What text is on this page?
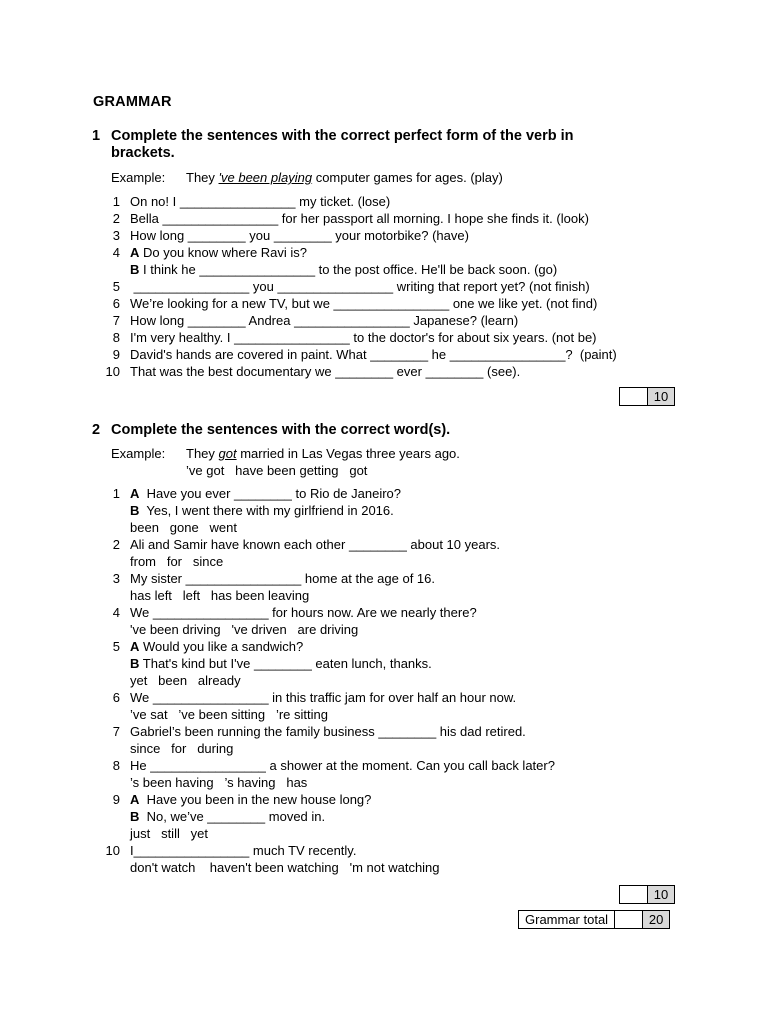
GRAMMAR
1 Complete the sentences with the correct perfect form of the verb in brackets.
Example: They 've been playing computer games for ages. (play)
1 On no! I ________________ my ticket. (lose)
2 Bella ________________ for her passport all morning. I hope she finds it. (look)
3 How long ________ you ________ your motorbike? (have)
4 A Do you know where Ravi is?
B I think he ________________ to the post office. He'll be back soon. (go)
5 ________________ you ________________ writing that report yet? (not finish)
6 We’re looking for a new TV, but we ________________ one we like yet. (not find)
7 How long ________ Andrea ________________ Japanese? (learn)
8 I'm very healthy. I ________________ to the doctor's for about six years. (not be)
9 David's hands are covered in paint. What ________ he ________________?  (paint)
10 That was the best documentary we ________ ever ________ (see).
10
2 Complete the sentences with the correct word(s).
Example: They got married in Las Vegas three years ago.
’ve got   have been getting   got
1 A  Have you ever ________ to Rio de Janeiro?
B  Yes, I went there with my girlfriend in 2016.
been   gone   went
2 Ali and Samir have known each other ________ about 10 years.
from   for   since
3 My sister ________________ home at the age of 16.
has left   left   has been leaving
4 We ________________ for hours now. Are we nearly there?
've been driving   've driven   are driving
5 A Would you like a sandwich?
B That's kind but I've ________ eaten lunch, thanks.
yet   been   already
6 We ________________ in this traffic jam for over half an hour now.
’ve sat   ’ve been sitting   ’re sitting
7 Gabriel’s been running the family business ________ his dad retired.
since   for   during
8 He ________________ a shower at the moment. Can you call back later?
’s been having   ’s having   has
9 A  Have you been in the new house long?
B  No, we’ve ________ moved in.
just   still   yet
10 I________________ much TV recently.
don't watch    haven't been watching   'm not watching
10
Grammar total	20
